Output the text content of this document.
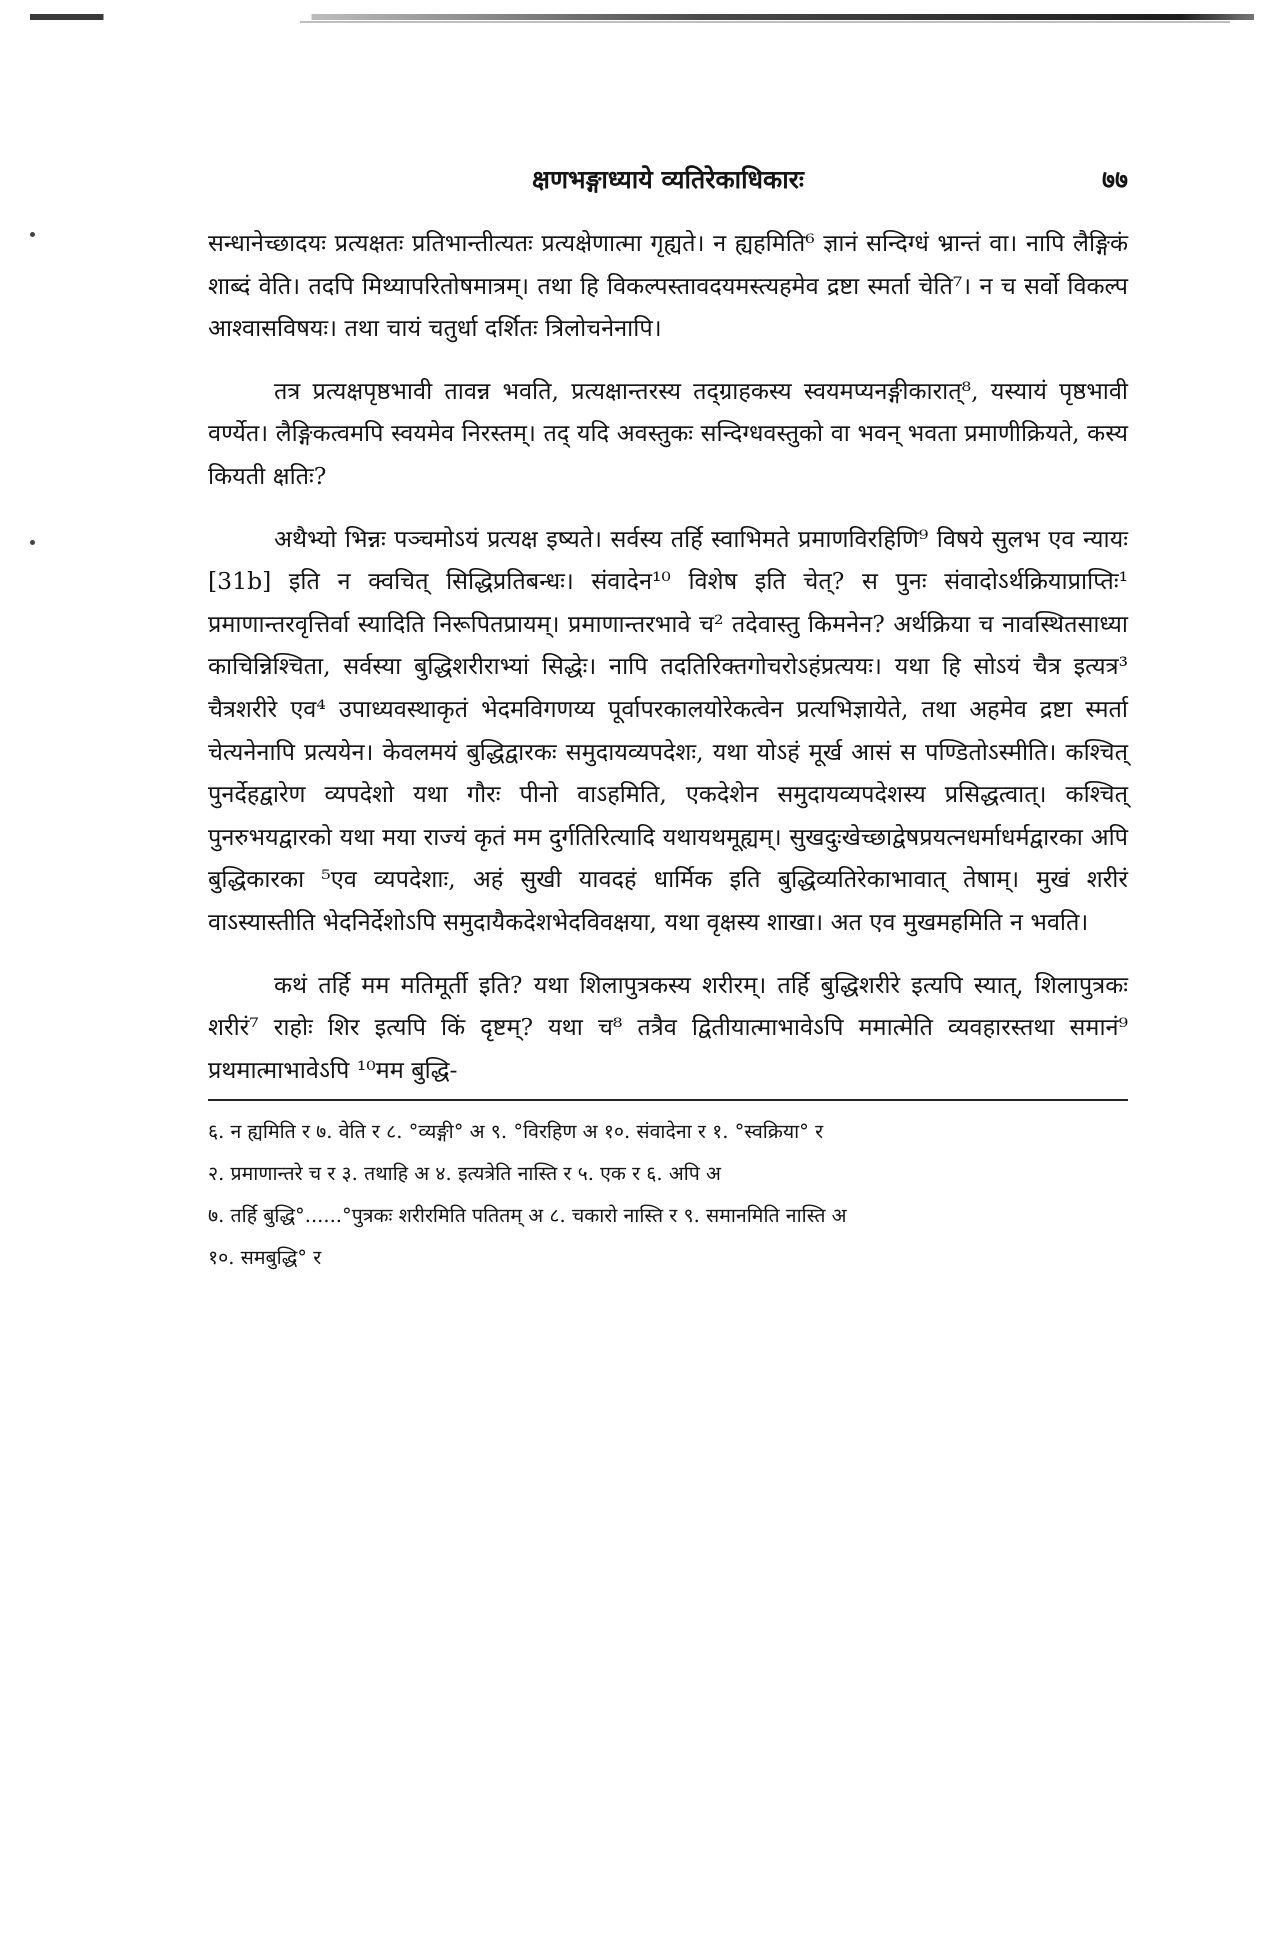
क्षणभङ्गाध्याये व्यतिरेकाधिकारः	७७

सन्धानेच्छादयः प्रत्यक्षतः प्रतिभान्तीत्यतः प्रत्यक्षेणात्मा गृह्यते। न ह्यहमिति⁶ ज्ञानं सन्दिग्धं भ्रान्तं वा। नापि लैङ्गिकं शाब्दं वेति। तदपि मिथ्यापरितोषमात्रम्। तथा हि विकल्पस्तावदयमस्त्यहमेव द्रष्टा स्मर्ता चेति⁷। न च सर्वो विकल्प आश्वासविषयः। तथा चायं चतुर्धा दर्शितः त्रिलोचनेनापि।

तत्र प्रत्यक्षपृष्ठभावी तावन्न भवति, प्रत्यक्षान्तरस्य तद्ग्राहकस्य स्वयमप्यनङ्गीकारात्⁸, यस्यायं पृष्ठभावी वर्ण्येत। लैङ्गिकत्वमपि स्वयमेव निरस्तम्। तद् यदि अवस्तुकः सन्दिग्धवस्तुको वा भवन् भवता प्रमाणीक्रियते, कस्य कियती क्षतिः?

अथैभ्यो भिन्नः पञ्चमोऽयं प्रत्यक्ष इष्यते। सर्वस्य तर्हि स्वाभिमते प्रमाणविरहिणि⁹ विषये सुलभ एव न्यायः [31b] इति न क्वचित् सिद्धिप्रतिबन्धः। संवादेन¹⁰ विशेष इति चेत्? स पुनः संवादोऽर्थक्रियाप्राप्तिः¹ प्रमाणान्तरवृत्तिर्वा स्यादिति निरूपितप्रायम्। प्रमाणान्तरभावे च² तदेवास्तु किमनेन? अर्थक्रिया च नावस्थितसाध्या काचिन्निश्चिता, सर्वस्या बुद्धिशरीराभ्यां सिद्धेः। नापि तदतिरिक्तगोचरोऽहंप्रत्ययः। यथा हि सोऽयं चैत्र इत्यत्र³ चैत्रशरीरे एव⁴ उपाध्यवस्थाकृतं भेदमविगणय्य पूर्वापरकालयोरेकत्वेन प्रत्यभिज्ञायेते, तथा अहमेव द्रष्टा स्मर्ता चेत्यनेनापि प्रत्ययेन। केवलमयं बुद्धिद्वारकः समुदायव्यपदेशः, यथा योऽहं मूर्ख आसं स पण्डितोऽस्मीति। कश्चित् पुनर्देहद्वारेण व्यपदेशो यथा गौरः पीनो वाऽहमिति, एकदेशेन समुदायव्यपदेशस्य प्रसिद्धत्वात्। कश्चित् पुनरुभयद्वारको यथा मया राज्यं कृतं मम दुर्गतिरित्यादि यथायथमूह्यम्। सुखदुःखेच्छाद्वेषप्रयत्नधर्माधर्मद्वारका अपि बुद्धिकारका ⁵एव व्यपदेशाः, अहं सुखी यावदहं धार्मिक इति बुद्धिव्यतिरेकाभावात् तेषाम्। मुखं शरीरं वाऽस्यास्तीति भेदनिर्देशोऽपि समुदायैकदेशभेदविवक्षया, यथा वृक्षस्य शाखा। अत एव मुखमहमिति न भवति।

कथं तर्हि मम मतिमूर्ती इति? यथा शिलापुत्रकस्य शरीरम्। तर्हि बुद्धिशरीरे इत्यपि स्यात्, शिलापुत्रकः शरीरं⁷ राहोः शिर इत्यपि किं दृष्टम्? यथा च⁸ तत्रैव द्वितीयात्माभावेऽपि ममात्मेति व्यवहारस्तथा समानं⁹ प्रथमात्माभावेऽपि ¹⁰मम बुद्धि-

६. न ह्यमिति र ७. वेति र ८. °व्यङ्गी° अ ९. °विरहिण अ १०. संवादेना र १. °स्वक्रिया° र
२. प्रमाणान्तरे च र ३. तथाहि अ ४. इत्यत्रेति नास्ति र ५. एक र ६. अपि अ
७. तर्हि बुद्धि°......°पुत्रकः शरीरमिति पतितम् अ ८. चकारो नास्ति र ९. समानमिति नास्ति अ
१०. समबुद्धि° र
